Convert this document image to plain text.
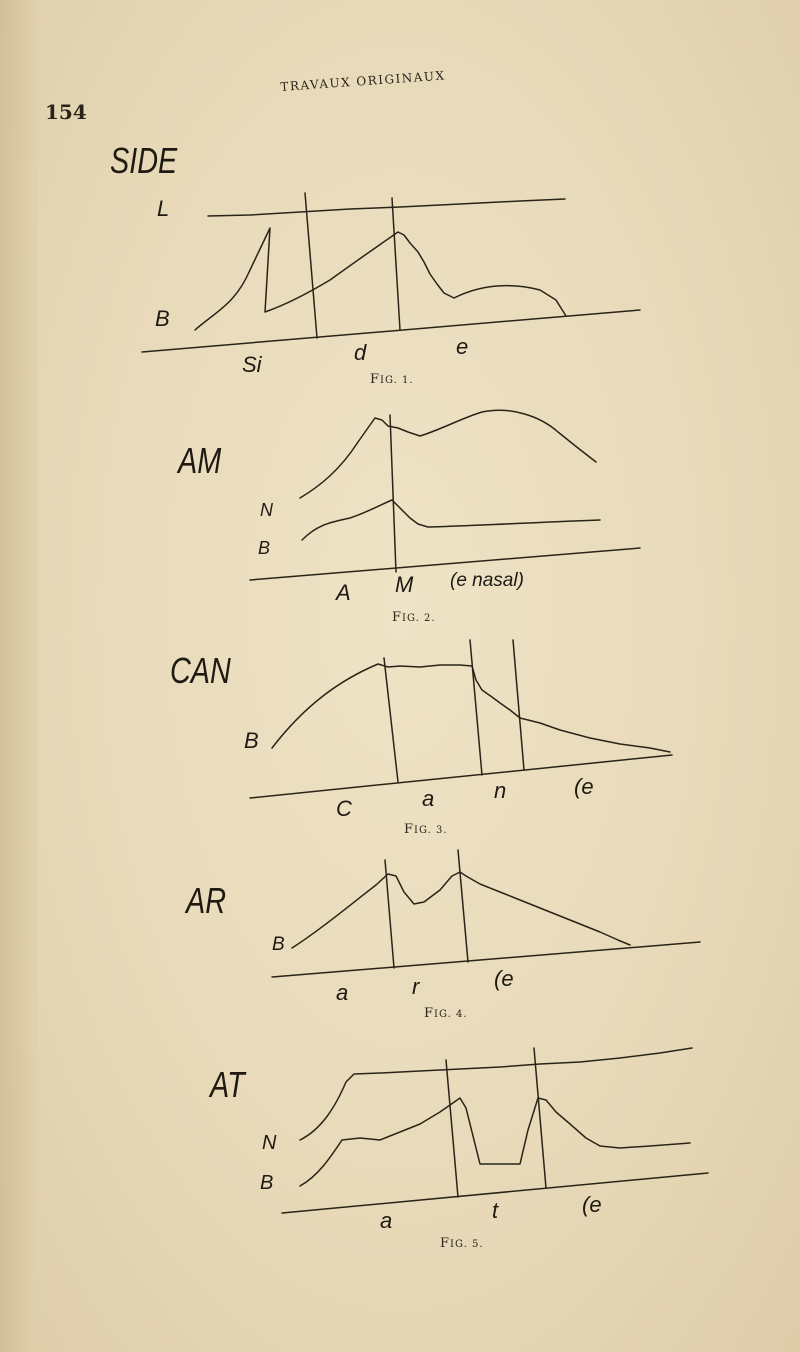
154
TRAVAUX ORIGINAUX
SIDE
L
B
Si	d	e
FIG. 1.
AM
N
B
A M (e nasal)
FIG. 2.
CAN
B
C	a	n	(e
FIG. 3.
AR
B
a	r	(e
FIG. 4.
AT
N
B
a	t	(e
FIG. 5.
